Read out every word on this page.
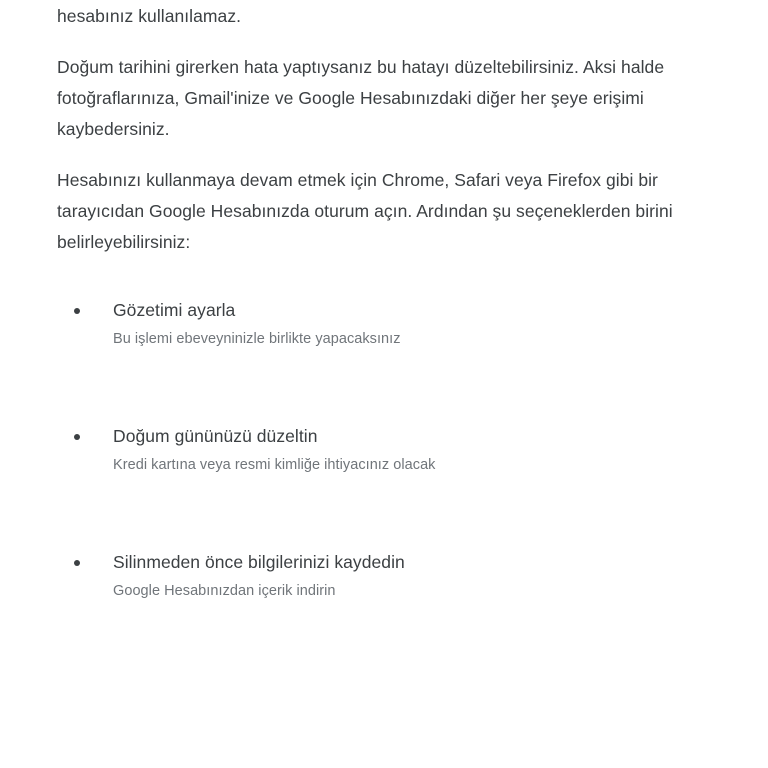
hesabınız kullanılamaz.

Doğum tarihini girerken hata yaptıysanız bu hatayı düzeltebilirsiniz. Aksi halde fotoğraflarınıza, Gmail'inize ve Google Hesabınızdaki diğer her şeye erişimi kaybedersiniz.

Hesabınızı kullanmaya devam etmek için Chrome, Safari veya Firefox gibi bir tarayıcıdan Google Hesabınızda oturum açın. Ardından şu seçeneklerden birini belirleyebilirsiniz:

Gözetimi ayarla
Bu işlemi ebeveyninizle birlikte yapacaksınız
Doğum gününüzü düzeltin
Kredi kartına veya resmi kimliğe ihtiyacınız olacak
Silinmeden önce bilgilerinizi kaydedin
Google Hesabınızdan içerik indirin
